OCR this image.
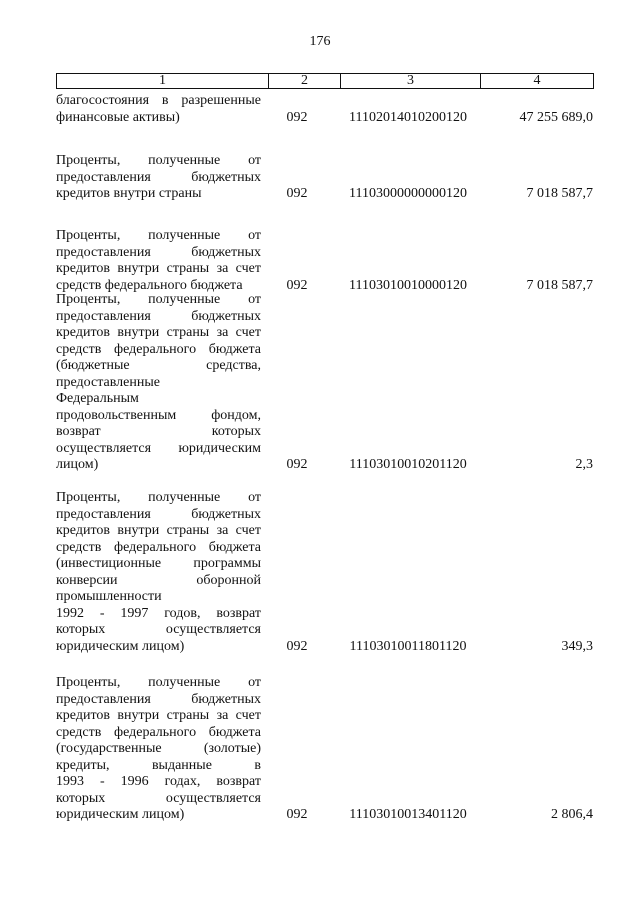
176
1	2	3	4
благосостояния в разрешенные
финансовые активы)	092	11102014010200120	47 255 689,0
Проценты, полученные от
предоставления бюджетных
кредитов внутри страны	092	11103000000000120	7 018 587,7
Проценты, полученные от
предоставления бюджетных
кредитов внутри страны за счет
средств федерального бюджета	092	11103010010000120	7 018 587,7
Проценты, полученные от
предоставления бюджетных
кредитов внутри страны за счет
средств федерального бюджета
(бюджетные средства,
предоставленные
Федеральным
продовольственным фондом,
возврат которых
осуществляется юридическим
лицом)	092	11103010010201120	2,3
Проценты, полученные от
предоставления бюджетных
кредитов внутри страны за счет
средств федерального бюджета
(инвестиционные программы
конверсии оборонной
промышленности
1992 - 1997 годов, возврат
которых осуществляется
юридическим лицом)	092	11103010011801120	349,3
Проценты, полученные от
предоставления бюджетных
кредитов внутри страны за счет
средств федерального бюджета
(государственные (золотые)
кредиты, выданные в
1993 - 1996 годах, возврат
которых осуществляется
юридическим лицом)	092	11103010013401120	2 806,4
